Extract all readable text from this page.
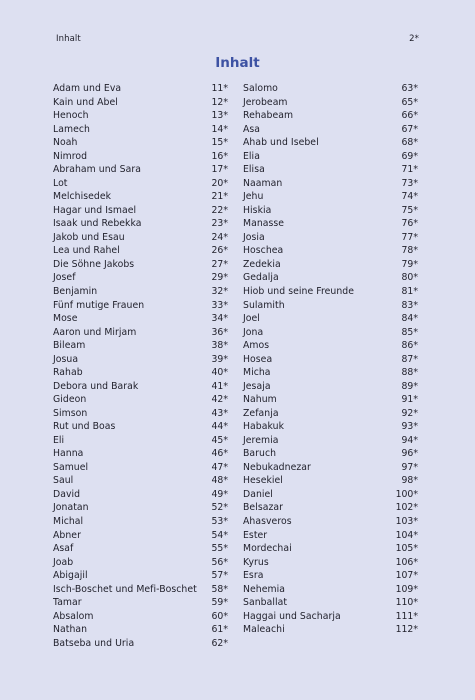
Inhalt	2*
Inhalt
Adam und Eva	11*
Kain und Abel	12*
Henoch	13*
Lamech	14*
Noah	15*
Nimrod	16*
Abraham und Sara	17*
Lot	20*
Melchisedek	21*
Hagar und Ismael	22*
Isaak und Rebekka	23*
Jakob und Esau	24*
Lea und Rahel	26*
Die Söhne Jakobs	27*
Josef	29*
Benjamin	32*
Fünf mutige Frauen	33*
Mose	34*
Aaron und Mirjam	36*
Bileam	38*
Josua	39*
Rahab	40*
Debora und Barak	41*
Gideon	42*
Simson	43*
Rut und Boas	44*
Eli	45*
Hanna	46*
Samuel	47*
Saul	48*
David	49*
Jonatan	52*
Michal	53*
Abner	54*
Asaf	55*
Joab	56*
Abigajil	57*
Isch-Boschet und Mefi-Boschet	58*
Tamar	59*
Absalom	60*
Nathan	61*
Batseba und Uria	62*
Salomo	63*
Jerobeam	65*
Rehabeam	66*
Asa	67*
Ahab und Isebel	68*
Elia	69*
Elisa	71*
Naaman	73*
Jehu	74*
Hiskia	75*
Manasse	76*
Josia	77*
Hoschea	78*
Zedekia	79*
Gedalja	80*
Hiob und seine Freunde	81*
Sulamith	83*
Joel	84*
Jona	85*
Amos	86*
Hosea	87*
Micha	88*
Jesaja	89*
Nahum	91*
Zefanja	92*
Habakuk	93*
Jeremia	94*
Baruch	96*
Nebukadnezar	97*
Hesekiel	98*
Daniel	100*
Belsazar	102*
Ahasveros	103*
Ester	104*
Mordechai	105*
Kyrus	106*
Esra	107*
Nehemia	109*
Sanballat	110*
Haggai und Sacharja	111*
Maleachi	112*
